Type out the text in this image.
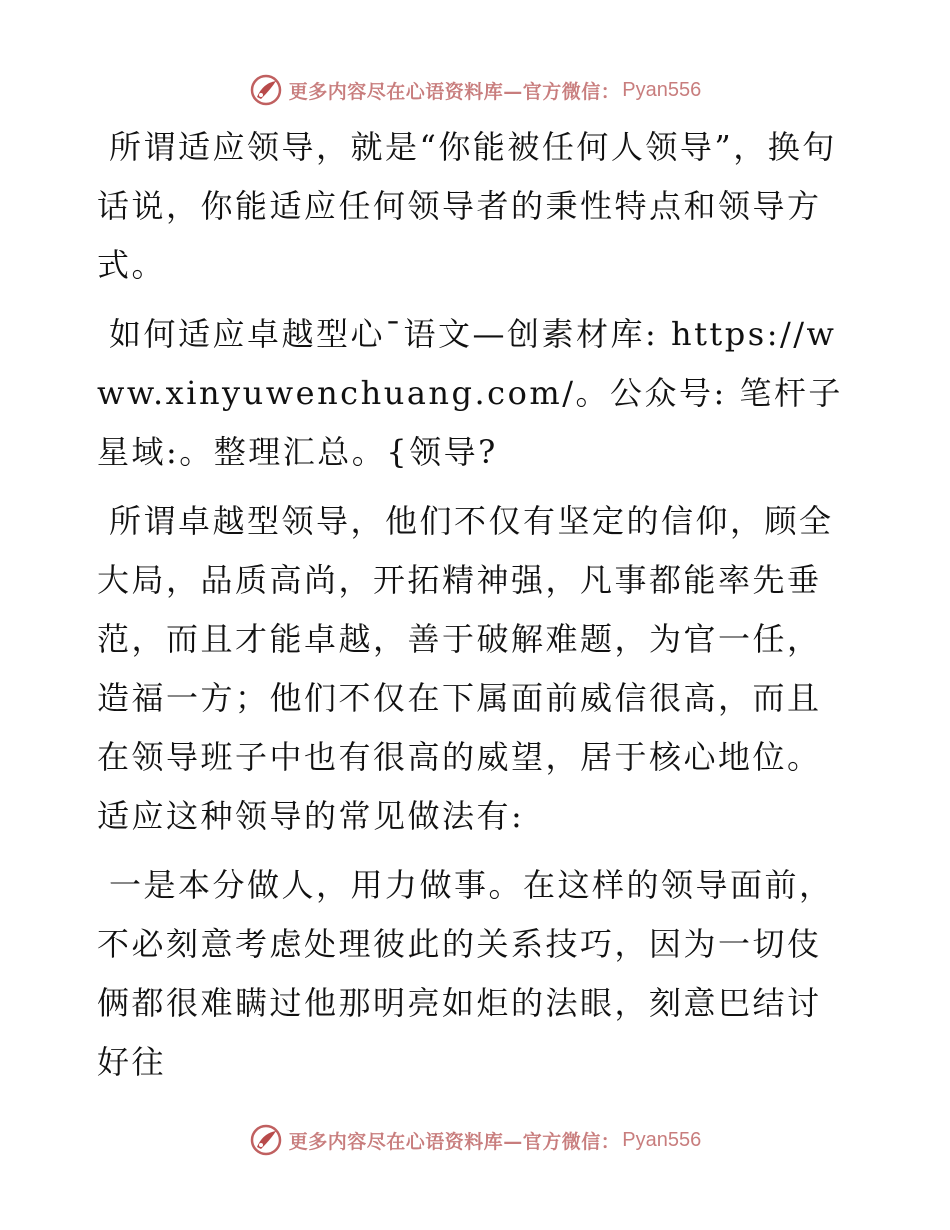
更多内容尽在心语资料库—官方微信： Pyan556

所谓适应领导，就是“你能被任何人领导”，换句话说，你能适应任何领导者的秉性特点和领导方式。

如何适应卓越型心¯语文—创素材库: https://www.xinyuwenchuang.com/。公众号: 笔杆子星域:。整理汇总。{领导?

所谓卓越型领导，他们不仅有坚定的信仰，顾全大局，品质高尚，开拓精神强，凡事都能率先垂范，而且才能卓越，善于破解难题，为官一任，造福一方；他们不仅在下属面前威信很高，而且在领导班子中也有很高的威望，居于核心地位。适应这种领导的常见做法有:

一是本分做人，用力做事。在这样的领导面前，不必刻意考虑处理彼此的关系技巧，因为一切伎俩都很难瞒过他那明亮如炬的法眼，刻意巴结讨好往

更多内容尽在心语资料库—官方微信： Pyan556
